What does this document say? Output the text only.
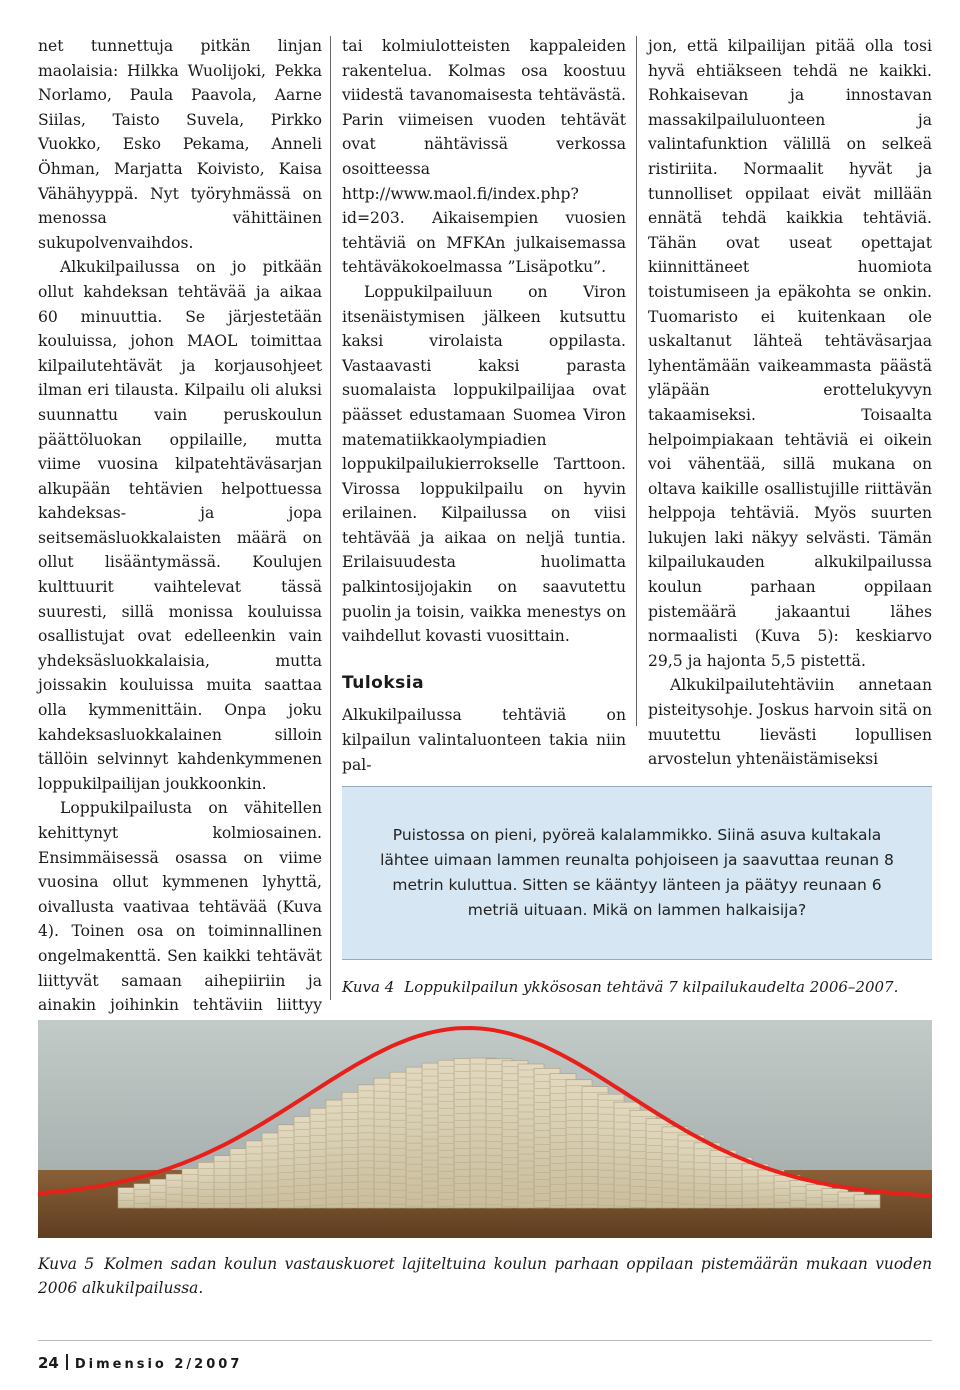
net tunnettuja pitkän linjan maolaisia: Hilkka Wuolijoki, Pekka Norlamo, Paula Paavola, Aarne Siilas, Taisto Suvela, Pirkko Vuokko, Esko Pekama, Anneli Öhman, Marjatta Koivisto, Kaisa Vähähyyppä. Nyt työryhmässä on menossa vähittäinen sukupolvenvaihdos.

Alkukilpailussa on jo pitkään ollut kahdeksan tehtävää ja aikaa 60 minuuttia. Se järjestetään kouluissa, johon MAOL toimittaa kilpailutehtävät ja korjausohjeet ilman eri tilausta. Kilpailu oli aluksi suunnattu vain peruskoulun päättöluokan oppilaille, mutta viime vuosina kilpatehtäväsarjan alkupään tehtävien helpottuessa kahdeksas- ja jopa seitsemäsluokkalaisten määrä on ollut lisääntymässä. Koulujen kulttuurit vaihtelevat tässä suuresti, sillä monissa kouluissa osallistujat ovat edelleenkin vain yhdeksäsluokkalaisia, mutta joissakin kouluissa muita saattaa olla kymmenittäin. Onpa joku kahdeksasluokkalainen silloin tällöin selvinnyt kahdenkymmenen loppukilpailijan joukkoonkin.

Loppukilpailusta on vähitellen kehittynyt kolmiosainen. Ensimmäisessä osassa on viime vuosina ollut kymmenen lyhyttä, oivallusta vaativaa tehtävää (Kuva 4). Toinen osa on toiminnallinen ongelmakenttä. Sen kaikki tehtävät liittyvät samaan aihepiiriin ja ainakin joihinkin tehtäviin liittyy

tai kolmiulotteisten kappaleiden rakentelua. Kolmas osa koostuu viidestä tavanomaisesta tehtävästä. Parin viimeisen vuoden tehtävät ovat nähtävissä verkossa osoitteessa http://www.maol.fi/index.php?id=203. Aikaisempien vuosien tehtäviä on MFKAn julkaisemassa tehtäväkokoelmassa ”Lisäpotku”.

Loppukilpailuun on Viron itsenäistymisen jälkeen kutsuttu kaksi virolaista oppilasta. Vastaavasti kaksi parasta suomalaista loppukilpailijaa ovat päässet edustamaan Suomea Viron matematiikkaolympiadien loppukilpailukierrokselle Tarttoon. Virossa loppukilpailu on hyvin erilainen. Kilpailussa on viisi tehtävää ja aikaa on neljä tuntia. Erilaisuudesta huolimatta palkintosijojakin on saavutettu puolin ja toisin, vaikka menestys on vaihdellut kovasti vuosittain.

Tuloksia

Alkukilpailussa tehtäviä on kilpailun valintaluonteen takia niin pal-

jon, että kilpailijan pitää olla tosi hyvä ehtiäkseen tehdä ne kaikki. Rohkaisevan ja innostavan massakilpailuluonteen ja valintafunktion välillä on selkeä ristiriita. Normaalit hyvät ja tunnolliset oppilaat eivät millään ennätä tehdä kaikkia tehtäviä. Tähän ovat useat opettajat kiinnittäneet huomiota toistumiseen ja epäkohta se onkin. Tuomaristo ei kuitenkaan ole uskaltanut lähteä tehtäväsarjaa lyhentämään vaikeammasta päästä yläpään erottelukyvyn takaamiseksi. Toisaalta helpoimpiakaan tehtäviä ei oikein voi vähentää, sillä mukana on oltava kaikille osallistujille riittävän helppoja tehtäviä. Myös suurten lukujen laki näkyy selvästi. Tämän kilpailukauden alkukilpailussa koulun parhaan oppilaan pistemäärä jakaantui lähes normaalisti (Kuva 5): keskiarvo 29,5 ja hajonta 5,5 pistettä.

Alkukilpailutehtäviin annetaan pisteitysohje. Joskus harvoin sitä on muutettu lievästi lopullisen arvostelun yhtenäistämiseksi

Puistossa on pieni, pyöreä kalalammikko. Siinä asuva kultakala lähtee uimaan lammen reunalta pohjoiseen ja saavuttaa reunan 8 metrin kuluttua. Sitten se kääntyy länteen ja päätyy reunaan 6 metriä uituaan. Mikä on lammen halkaisija?
Kuva 4 Loppukilpailun ykkösosan tehtävä 7 kilpailukaudelta 2006–2007.
Kuva 5 Kolmen sadan koulun vastauskuoret lajiteltuina koulun parhaan oppilaan pistemäärän mukaan vuoden 2006 alkukilpailussa.
24 Dimensio 2/2007
